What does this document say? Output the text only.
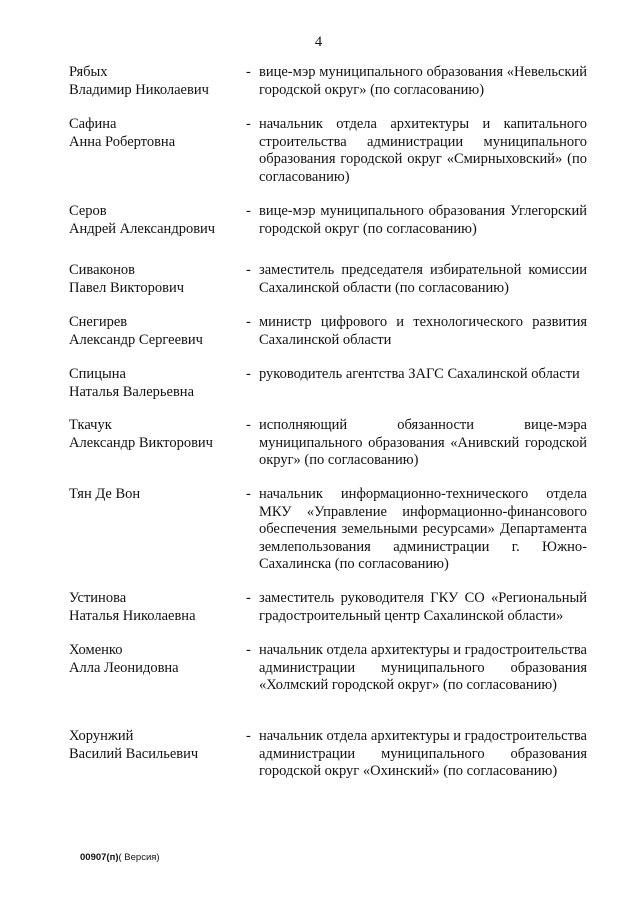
4
Рябых
Владимир Николаевич
- вице-мэр муниципального образования «Невельский городской округ» (по согласованию)
Сафина
Анна Робертовна
- начальник отдела архитектуры и капитального строительства администрации муниципального образования городской округ «Смирныховский» (по согласованию)
Серов
Андрей Александрович
- вице-мэр муниципального образования Углегорский городской округ (по согласованию)
Сиваконов
Павел Викторович
- заместитель председателя избирательной комиссии Сахалинской области (по согласованию)
Снегирев
Александр Сергеевич
- министр цифрового и технологического развития Сахалинской области
Спицына
Наталья Валерьевна
- руководитель агентства ЗАГС Сахалинской области
Ткачук
Александр Викторович
- исполняющий обязанности вице-мэра муниципального образования «Анивский городской округ» (по согласованию)
Тян Де Вон	- начальник информационно-технического отдела МКУ «Управление информационно-финансового обеспечения земельными ресурсами» Департамента землепользования администрации г. Южно-Сахалинска (по согласованию)
Устинова
Наталья Николаевна
- заместитель руководителя ГКУ СО «Региональный градостроительный центр Сахалинской области»
Хоменко
Алла Леонидовна
- начальник отдела архитектуры и градостроительства администрации муниципального образования «Холмский городской округ» (по согласованию)
Хорунжий
Василий Васильевич
- начальник отдела архитектуры и градостроительства администрации муниципального образования городской округ «Охинский» (по согласованию)
00907(п)( Версия)
